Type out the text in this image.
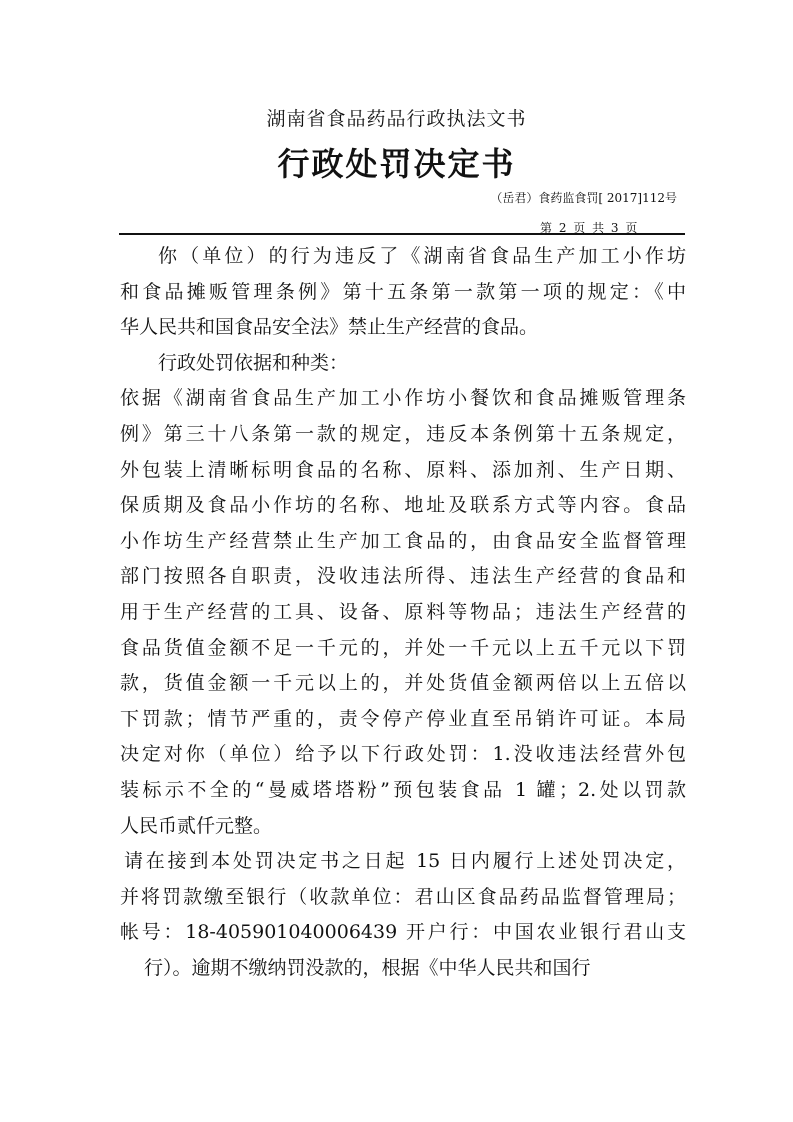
湖南省食品药品行政执法文书
行政处罚决定书
（岳君）食药监食罚[ 2017]112号
第 2 页 共 3 页
你（单位）的行为违反了《湖南省食品生产加工小作坊
和食品摊贩管理条例》第十五条第一款第一项的规定：《中
华人民共和国食品安全法》禁止生产经营的食品。
行政处罚依据和种类：
依据《湖南省食品生产加工小作坊小餐饮和食品摊贩管理条
例》第三十八条第一款的规定，违反本条例第十五条规定，
外包装上清晰标明食品的名称、原料、添加剂、生产日期、
保质期及食品小作坊的名称、地址及联系方式等内容。食品
小作坊生产经营禁止生产加工食品的，由食品安全监督管理
部门按照各自职责，没收违法所得、违法生产经营的食品和
用于生产经营的工具、设备、原料等物品；违法生产经营的
食品货值金额不足一千元的，并处一千元以上五千元以下罚
款，货值金额一千元以上的，并处货值金额两倍以上五倍以
下罚款；情节严重的，责令停产停业直至吊销许可证。本局
决定对你（单位）给予以下行政处罚：1.没收违法经营外包
装标示不全的“曼威塔塔粉”预包装食品 1 罐；2.处以罚款
人民币贰仟元整。
请在接到本处罚决定书之日起 15 日内履行上述处罚决定，
并将罚款缴至银行（收款单位：君山区食品药品监督管理局；
帐号：18-405901040006439 开户行：中国农业银行君山支
行）。逾期不缴纳罚没款的，根据《中华人民共和国行
